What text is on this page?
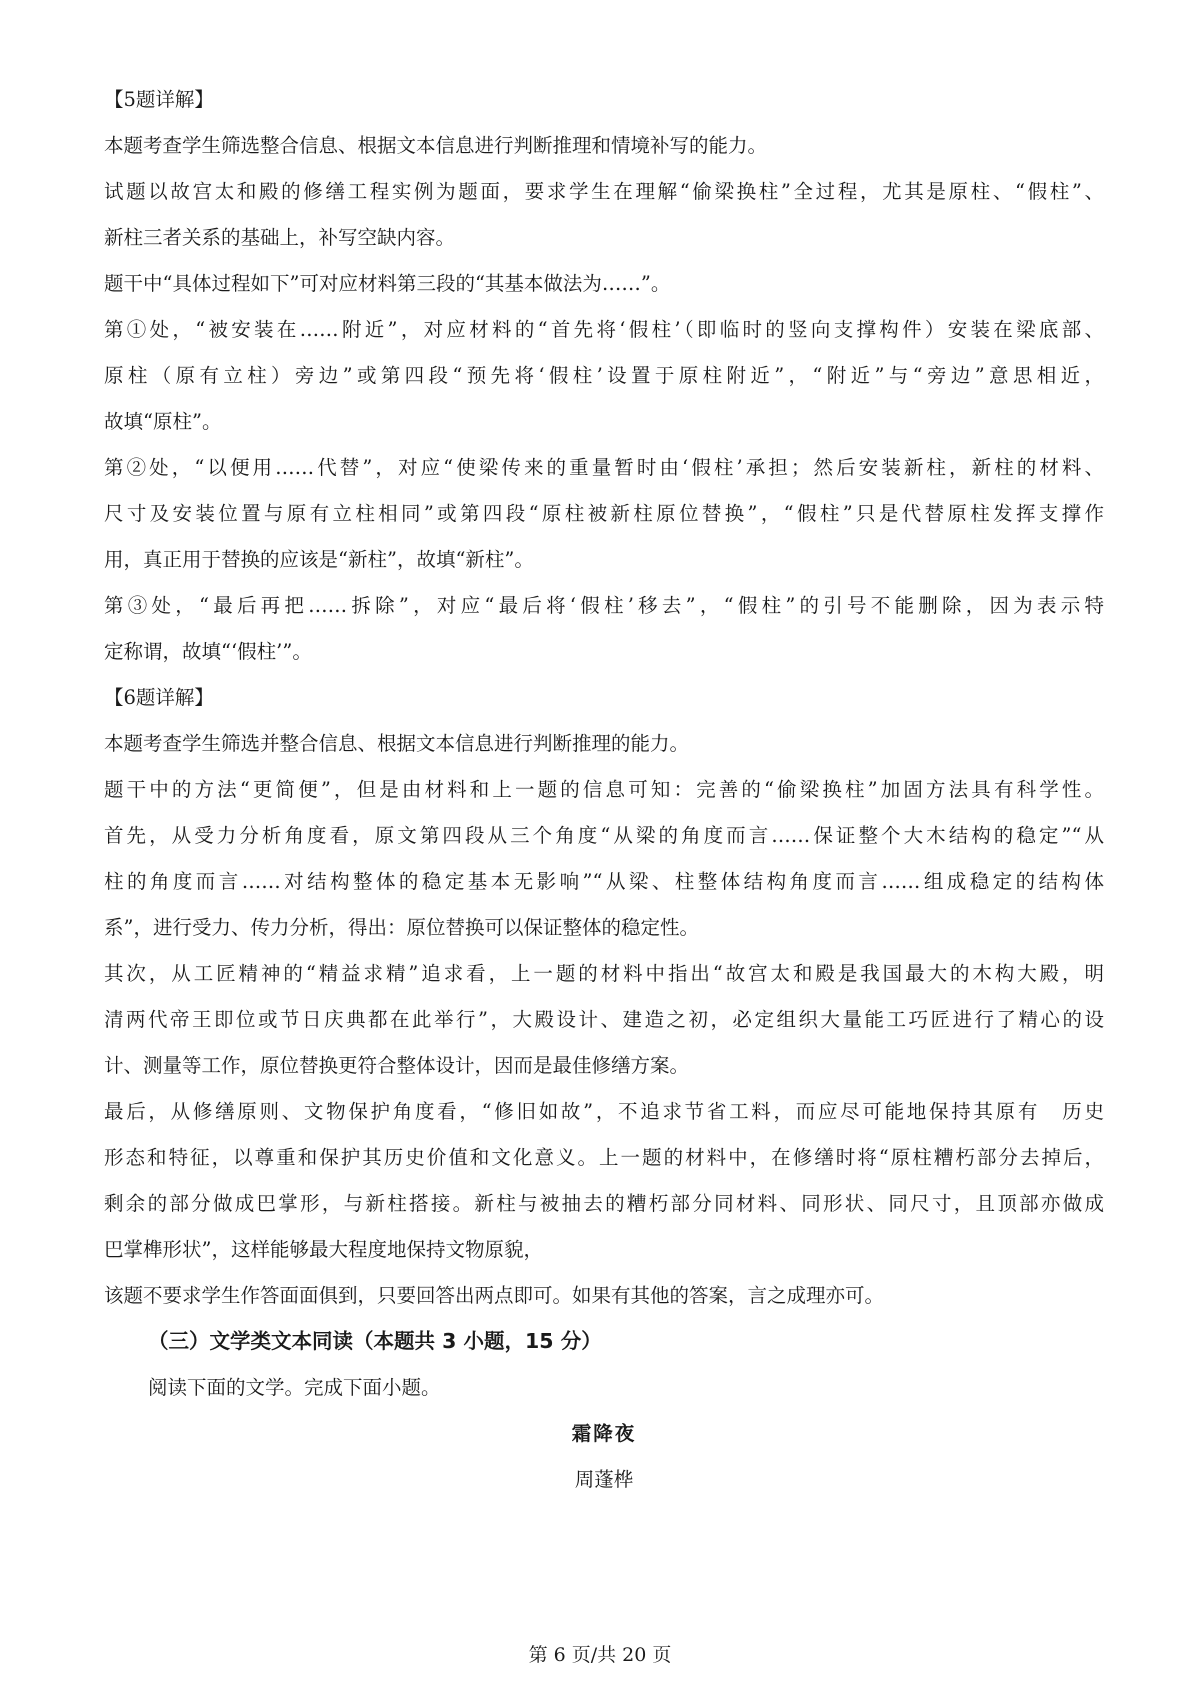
【5题详解】

本题考查学生筛选整合信息、根据文本信息进行判断推理和情境补写的能力。

试题以故宫太和殿的修缮工程实例为题面，要求学生在理解“偷梁换柱”全过程，尤其是原柱、“假柱”、

新柱三者关系的基础上，补写空缺内容。

题干中“具体过程如下”可对应材料第三段的“其基本做法为……”。

第①处，“被安装在……附近”，对应材料的“首先将‘假柱’（即临时的竖向支撑构件）安装在梁底部、

原柱（原有立柱）旁边”或第四段“预先将‘假柱’设置于原柱附近”，“附近”与“旁边”意思相近，

故填“原柱”。

第②处，“以便用……代替”，对应“使梁传来的重量暂时由‘假柱’承担；然后安装新柱，新柱的材料、

尺寸及安装位置与原有立柱相同”或第四段“原柱被新柱原位替换”，“假柱”只是代替原柱发挥支撑作

用，真正用于替换的应该是“新柱”，故填“新柱”。

第③处，“最后再把……拆除”，对应“最后将‘假柱’移去”，“假柱”的引号不能删除，因为表示特

定称谓，故填“‘假柱’”。

【6题详解】

本题考查学生筛选并整合信息、根据文本信息进行判断推理的能力。

题干中的方法“更简便”，但是由材料和上一题的信息可知：完善的“偷梁换柱”加固方法具有科学性。

首先，从受力分析角度看，原文第四段从三个角度“从梁的角度而言……保证整个大木结构的稳定”“从

柱的角度而言……对结构整体的稳定基本无影响”“从梁、柱整体结构角度而言……组成稳定的结构体

系”，进行受力、传力分析，得出：原位替换可以保证整体的稳定性。

其次，从工匠精神的“精益求精”追求看，上一题的材料中指出“故宫太和殿是我国最大的木构大殿，明

清两代帝王即位或节日庆典都在此举行”，大殿设计、建造之初，必定组织大量能工巧匠进行了精心的设

计、测量等工作，原位替换更符合整体设计，因而是最佳修缮方案。

最后，从修缮原则、文物保护角度看，“修旧如故”，不追求节省工料，而应尽可能地保持其原有　历史

形态和特征，以尊重和保护其历史价值和文化意义。上一题的材料中，在修缮时将“原柱糟朽部分去掉后，

剩余的部分做成巴掌形，与新柱搭接。新柱与被抽去的糟朽部分同材料、同形状、同尺寸，且顶部亦做成

巴掌榫形状”，这样能够最大程度地保持文物原貌，

该题不要求学生作答面面俱到，只要回答出两点即可。如果有其他的答案，言之成理亦可。

（三）文学类文本同读（本题共 3 小题，15 分）

阅读下面的文学。完成下面小题。

霜降夜

周蓬桦

第 6 页/共 20 页
